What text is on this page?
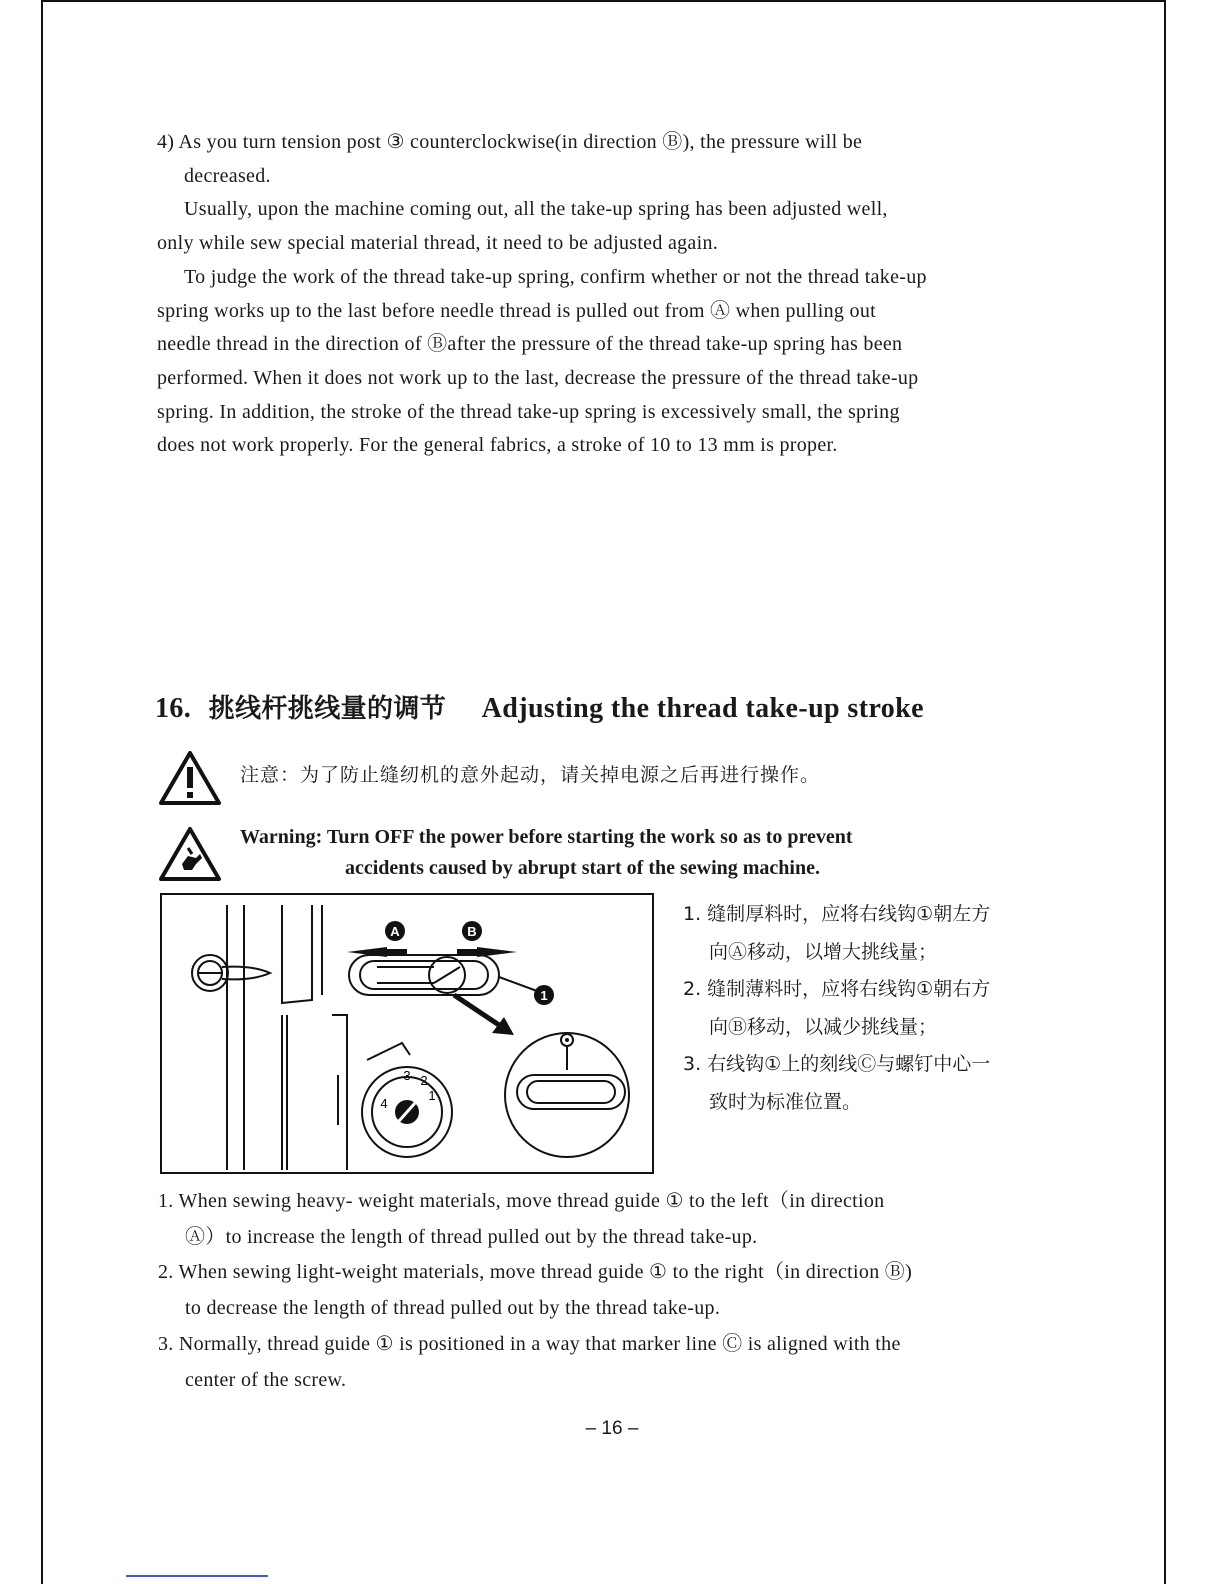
4) As you turn tension post ③ counterclockwise(in direction Ⓑ), the pressure will be
decreased.
Usually, upon the machine coming out, all the take-up spring has been adjusted well,
only while sew special material thread, it need to be adjusted again.
To judge the work of the thread take-up spring, confirm whether or not the thread take-up
spring works up to the last before needle thread is pulled out from Ⓐ when pulling out
needle thread in the direction of Ⓑafter the pressure of the thread take-up spring has been
performed. When it does not work up to the last, decrease the pressure of the thread take-up
spring. In addition, the stroke of the thread take-up spring is excessively small, the spring
does not work properly. For the general fabrics, a stroke of 10 to 13 mm is proper.
16. 挑线杆挑线量的调节 Adjusting the thread take-up stroke
注意：为了防止缝纫机的意外起动，请关掉电源之后再进行操作。
Warning: Turn OFF the power before starting the work so as to prevent
accidents caused by abrupt start of the sewing machine.
A	B
1
1
2
3
4
1. 缝制厚料时，应将右线钩①朝左方
向Ⓐ移动，以增大挑线量；
2. 缝制薄料时，应将右线钩①朝右方
向Ⓑ移动，以减少挑线量；
3. 右线钩①上的刻线Ⓒ与螺钉中心一
致时为标准位置。
1. When sewing heavy- weight materials, move thread guide ① to the left（in direction
Ⓐ）to increase the length of thread pulled out by the thread take-up.
2. When sewing light-weight materials, move thread guide ① to the right（in direction Ⓑ)
to decrease the length of thread pulled out by the thread take-up.
3. Normally, thread guide ① is positioned in a way that marker line Ⓒ is aligned with the
center of the screw.
– 16 –
